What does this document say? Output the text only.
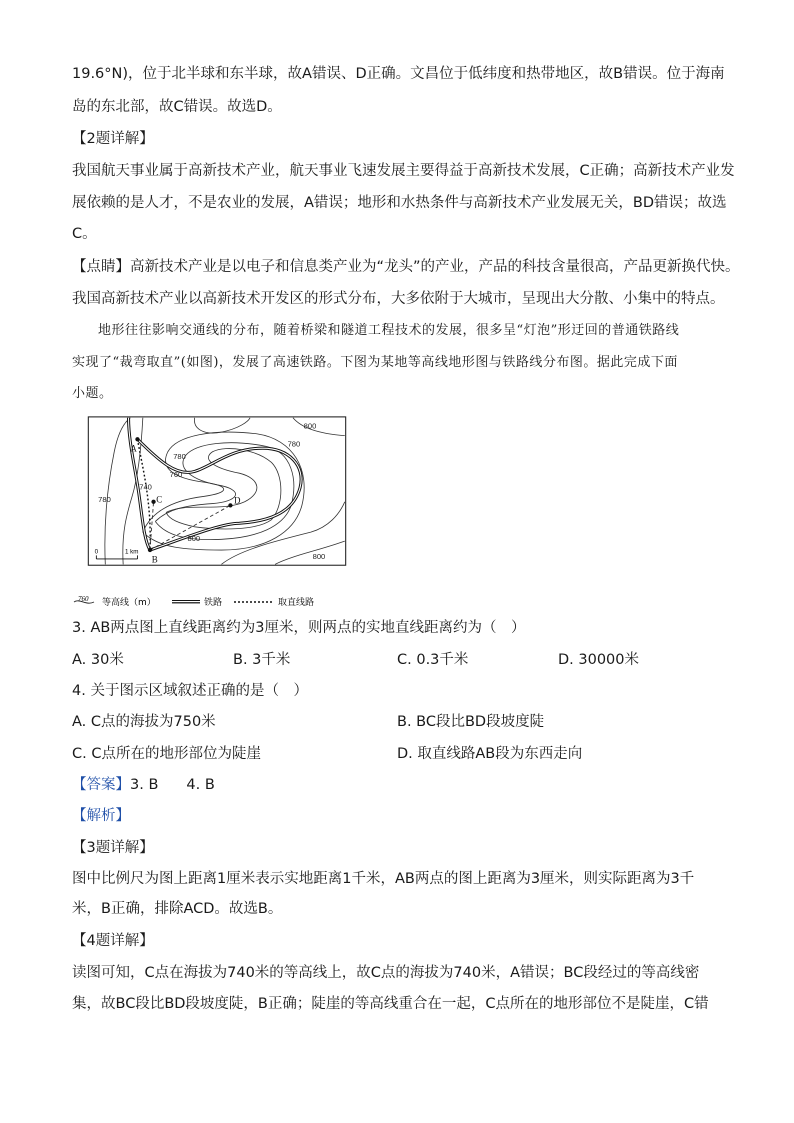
19.6°N)，位于北半球和东半球，故A错误、D正确。文昌位于低纬度和热带地区，故B错误。位于海南
岛的东北部，故C错误。故选D。
【2题详解】
我国航天事业属于高新技术产业，航天事业飞速发展主要得益于高新技术发展，C正确；高新技术产业发
展依赖的是人才，不是农业的发展，A错误；地形和水热条件与高新技术产业发展无关，BD错误；故选
C。
【点睛】高新技术产业是以电子和信息类产业为“龙头”的产业，产品的科技含量很高，产品更新换代快。
我国高新技术产业以高新技术开发区的形式分布，大多依附于大城市，呈现出大分散、小集中的特点。
地形往往影响交通线的分布，随着桥梁和隧道工程技术的发展，很多呈“灯泡”形迂回的普通铁路线
实现了“裁弯取直”(如图)，发展了高速铁路。下图为某地等高线地形图与铁路线分布图。据此完成下面
小题。
A
B
C	D
800
780
780
760
740
780
800
800
0	1 km
760 等高线（m）	铁路	取直线路
3. AB两点图上直线距离约为3厘米，则两点的实地直线距离约为（　）
A. 30米	B. 3千米	C. 0.3千米	D. 30000米
4. 关于图示区域叙述正确的是（　）
A. C点的海拔为750米	B. BC段比BD段坡度陡
C. C点所在的地形部位为陡崖	D. 取直线路AB段为东西走向
【答案】3. B 4. B
【解析】
【3题详解】
图中比例尺为图上距离1厘米表示实地距离1千米，AB两点的图上距离为3厘米，则实际距离为3千
米，B正确，排除ACD。故选B。
【4题详解】
读图可知，C点在海拔为740米的等高线上，故C点的海拔为740米，A错误；BC段经过的等高线密
集，故BC段比BD段坡度陡，B正确；陡崖的等高线重合在一起，C点所在的地形部位不是陡崖，C错
